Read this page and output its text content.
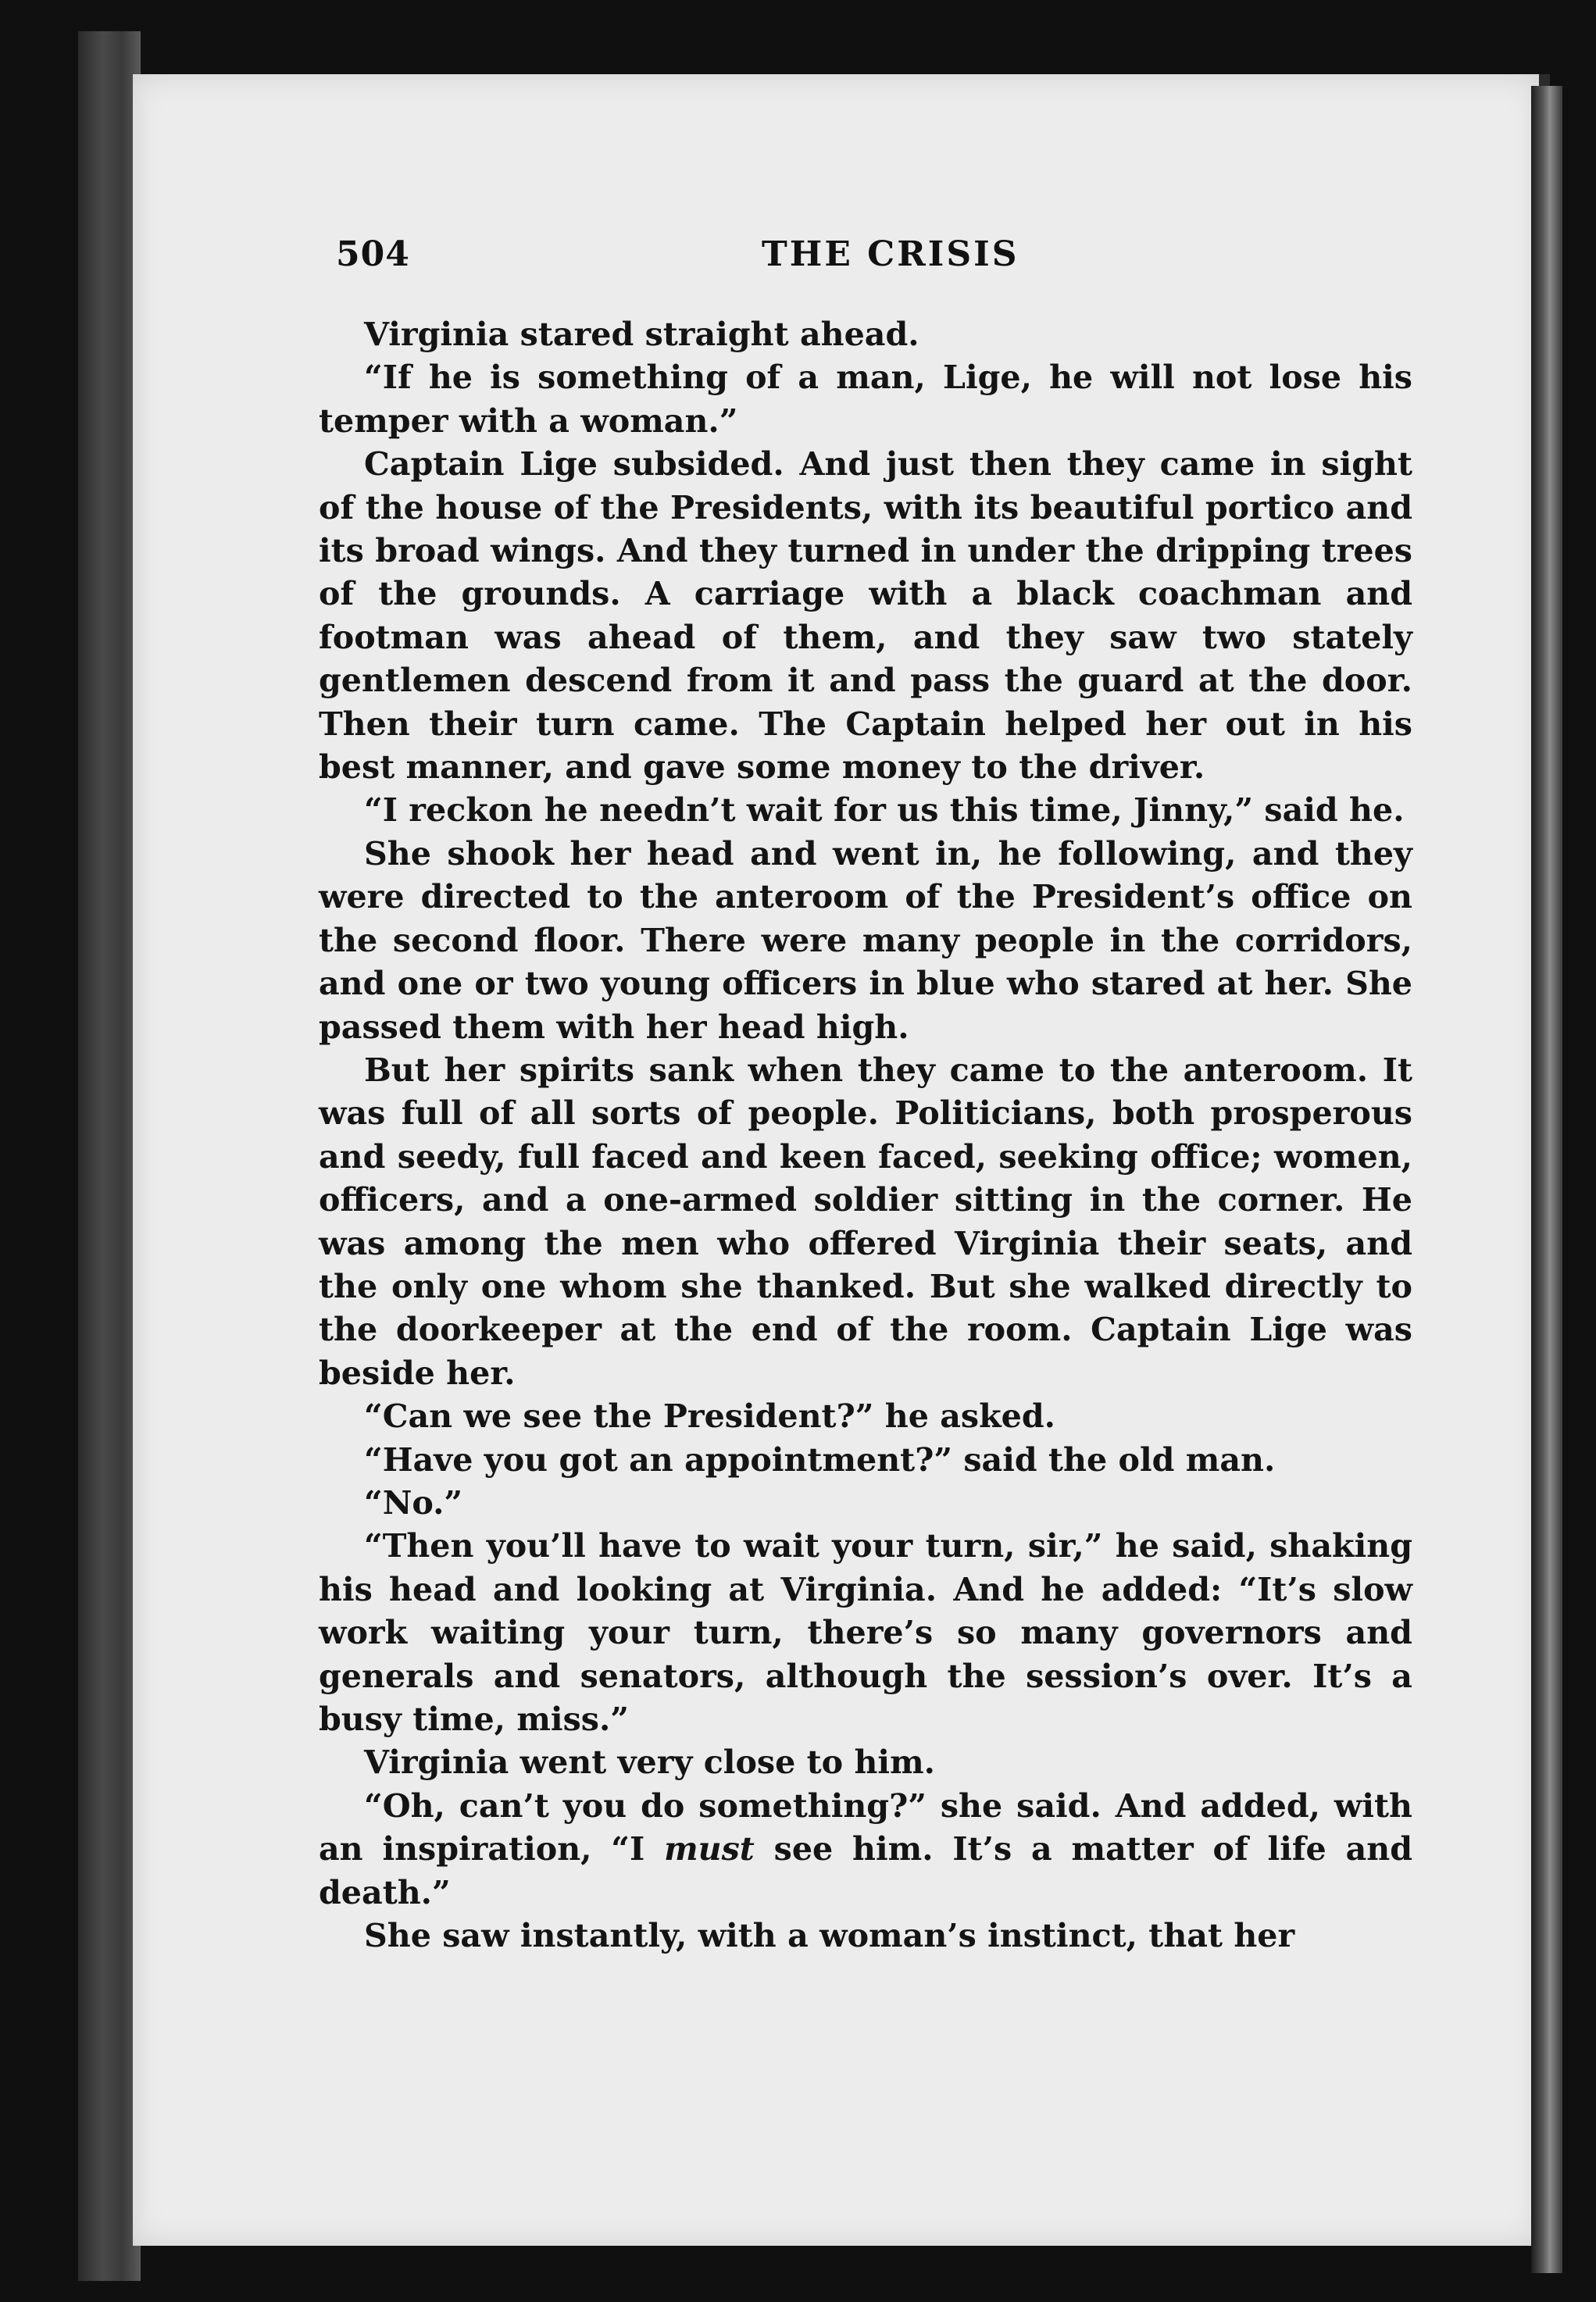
504	THE CRISIS

Virginia stared straight ahead.

“If he is something of a man, Lige, he will not lose his temper with a woman.”

Captain Lige subsided. And just then they came in sight of the house of the Presidents, with its beautiful portico and its broad wings. And they turned in under the dripping trees of the grounds. A carriage with a black coachman and footman was ahead of them, and they saw two stately gentlemen descend from it and pass the guard at the door. Then their turn came. The Captain helped her out in his best manner, and gave some money to the driver.

“I reckon he needn’t wait for us this time, Jinny,” said he.

She shook her head and went in, he following, and they were directed to the anteroom of the President’s office on the second floor. There were many people in the corridors, and one or two young officers in blue who stared at her. She passed them with her head high.

But her spirits sank when they came to the anteroom. It was full of all sorts of people. Politicians, both prosperous and seedy, full faced and keen faced, seeking office; women, officers, and a one-armed soldier sitting in the corner. He was among the men who offered Virginia their seats, and the only one whom she thanked. But she walked directly to the doorkeeper at the end of the room. Captain Lige was beside her.

“Can we see the President?” he asked.

“Have you got an appointment?” said the old man.

“No.”

“Then you’ll have to wait your turn, sir,” he said, shaking his head and looking at Virginia. And he added: “It’s slow work waiting your turn, there’s so many governors and generals and senators, although the session’s over. It’s a busy time, miss.”

Virginia went very close to him.

“Oh, can’t you do something?” she said. And added, with an inspiration, “I must see him. It’s a matter of life and death.”

She saw instantly, with a woman’s instinct, that her
